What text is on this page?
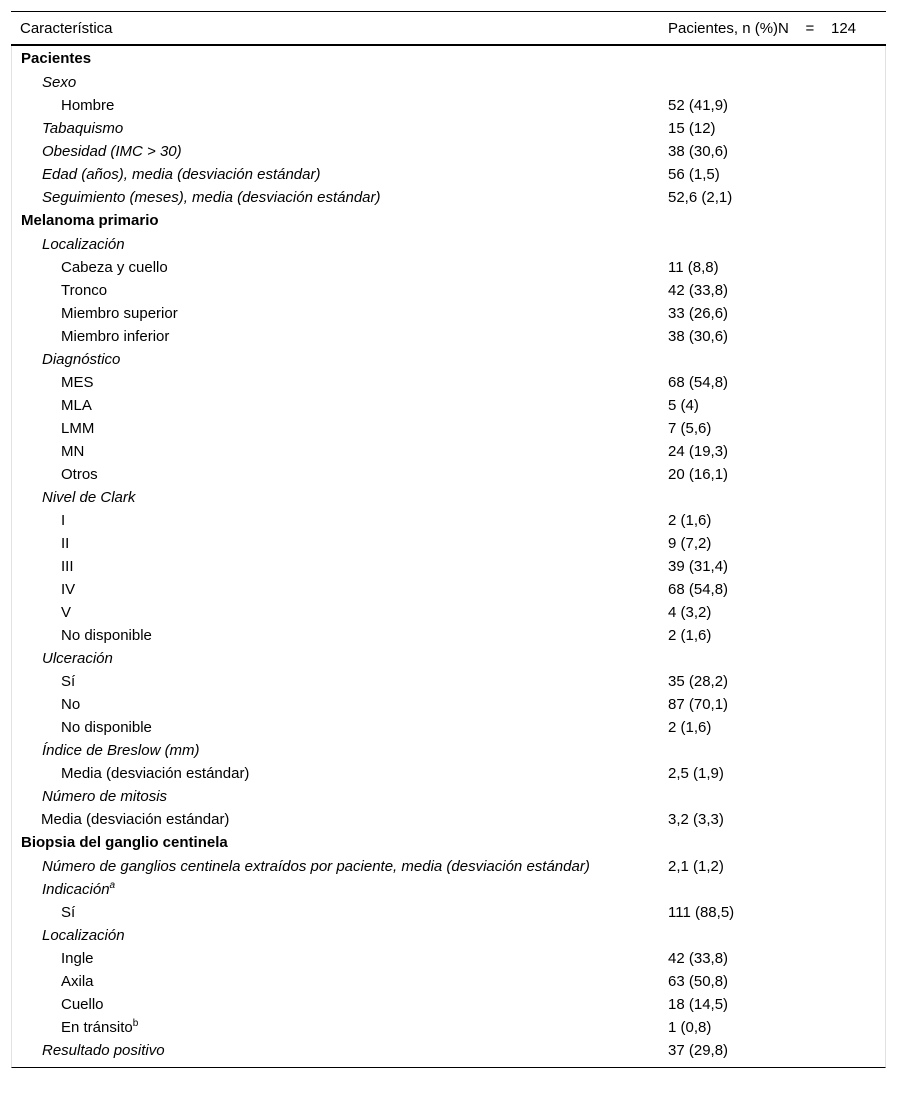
Característica	Pacientes, n (%)N    =    124
Pacientes
Sexo
Hombre	52 (41,9)
Tabaquismo	15 (12)
Obesidad (IMC > 30)	38 (30,6)
Edad (años), media (desviación estándar)	56 (1,5)
Seguimiento (meses), media (desviación estándar)	52,6 (2,1)
Melanoma primario
Localización
Cabeza y cuello	11 (8,8)
Tronco	42 (33,8)
Miembro superior	33 (26,6)
Miembro inferior	38 (30,6)
Diagnóstico
MES	68 (54,8)
MLA	5 (4)
LMM	7 (5,6)
MN	24 (19,3)
Otros	20 (16,1)
Nivel de Clark
I	2 (1,6)
II	9 (7,2)
III	39 (31,4)
IV	68 (54,8)
V	4 (3,2)
No disponible	2 (1,6)
Ulceración
Sí	35 (28,2)
No	87 (70,1)
No disponible	2 (1,6)
Índice de Breslow (mm)
Media (desviación estándar)	2,5 (1,9)
Número de mitosis
Media (desviación estándar)	3,2 (3,3)
Biopsia del ganglio centinela
Número de ganglios centinela extraídos por paciente, media (desviación estándar)	2,1 (1,2)
Indicación$^a$
Sí	111 (88,5)
Localización
Ingle	42 (33,8)
Axila	63 (50,8)
Cuello	18 (14,5)
En tránsito$^b$	1 (0,8)
Resultado positivo	37 (29,8)
